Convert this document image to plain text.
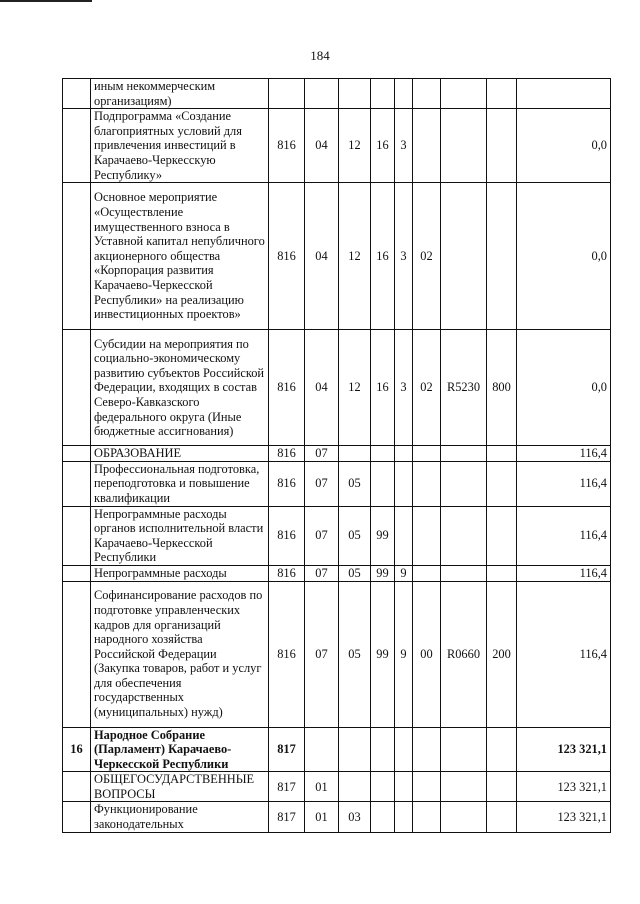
184
	иным некоммерческим организациям)									
	Подпрограмма «Создание благоприятных условий для привлечения инвестиций в Карачаево-Черкесскую Республику»	816	04	12	16	3				0,0
	Основное мероприятие «Осуществление имущественного взноса в Уставной капитал непубличного акционерного общества «Корпорация развития Карачаево-Черкесской Республики» на реализацию инвестиционных проектов»	816	04	12	16	3	02			0,0
	Субсидии на мероприятия по социально-экономическому развитию субъектов Российской Федерации, входящих в состав Северо-Кавказского федерального округа (Иные бюджетные ассигнования)	816	04	12	16	3	02	R5230	800	0,0
	ОБРАЗОВАНИЕ	816	07							116,4
	Профессиональная подготовка, переподготовка и повышение квалификации	816	07	05						116,4
	Непрограммные расходы органов исполнительной власти Карачаево-Черкесской Республики	816	07	05	99					116,4
	Непрограммные расходы	816	07	05	99	9				116,4
	Софинансирование расходов по подготовке управленческих кадров для организаций народного хозяйства Российской Федерации (Закупка товаров, работ и услуг для обеспечения государственных (муниципальных) нужд)	816	07	05	99	9	00	R0660	200	116,4
16	Народное Собрание (Парламент) Карачаево-Черкесской Республики	817								123 321,1
	ОБЩЕГОСУДАРСТВЕННЫЕ ВОПРОСЫ	817	01							123 321,1
	Функционирование законодательных	817	01	03						123 321,1
